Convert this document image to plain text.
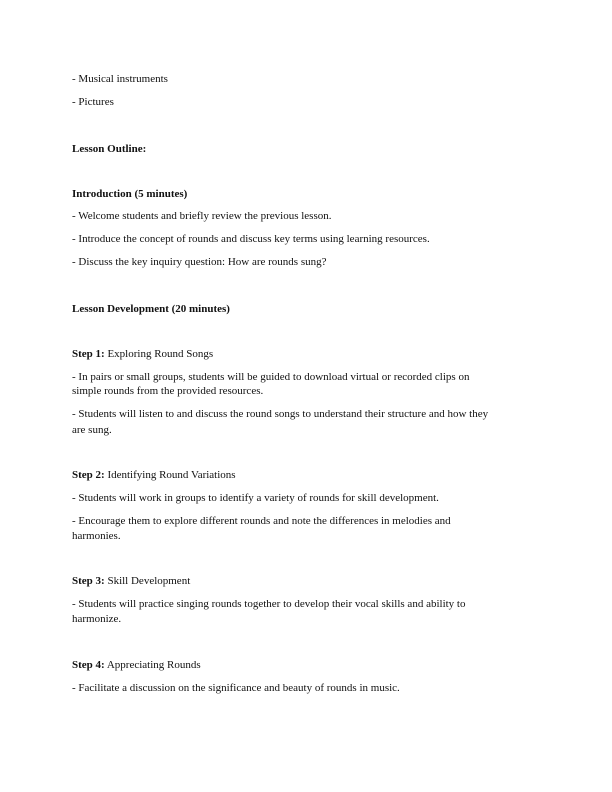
- Musical instruments
- Pictures
Lesson Outline:
Introduction (5 minutes)
- Welcome students and briefly review the previous lesson.
- Introduce the concept of rounds and discuss key terms using learning resources.
- Discuss the key inquiry question: How are rounds sung?
Lesson Development (20 minutes)
Step 1: Exploring Round Songs
- In pairs or small groups, students will be guided to download virtual or recorded clips on
simple rounds from the provided resources.
- Students will listen to and discuss the round songs to understand their structure and how they
are sung.
Step 2: Identifying Round Variations
- Students will work in groups to identify a variety of rounds for skill development.
- Encourage them to explore different rounds and note the differences in melodies and
harmonies.
Step 3: Skill Development
- Students will practice singing rounds together to develop their vocal skills and ability to
harmonize.
Step 4: Appreciating Rounds
- Facilitate a discussion on the significance and beauty of rounds in music.
